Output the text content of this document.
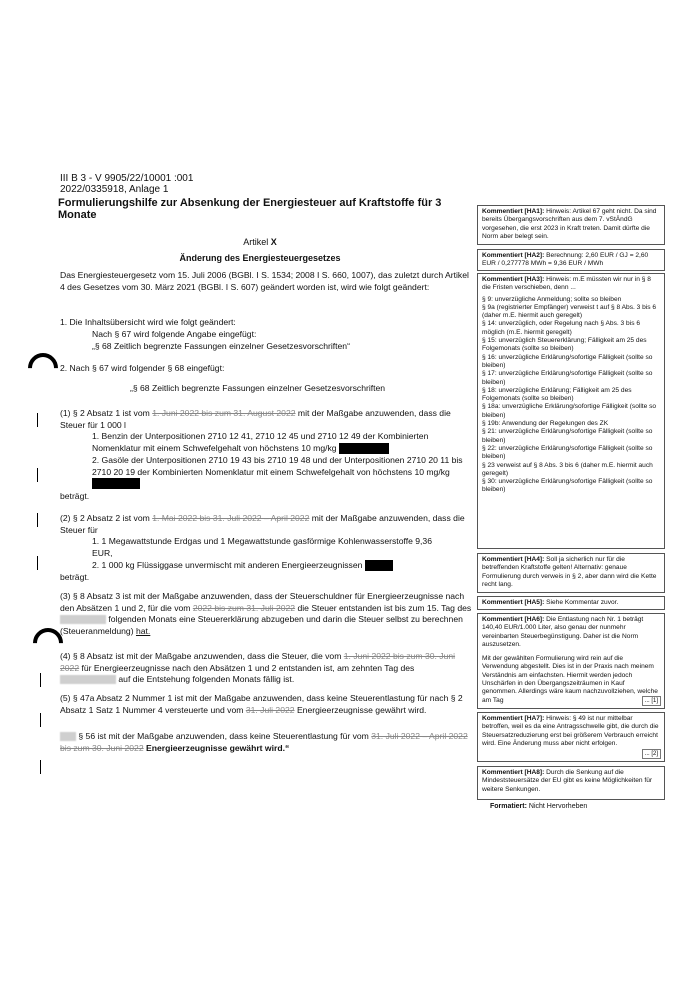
III B 3 - V 9905/22/10001 :001
2022/0335918, Anlage 1
Formulierungshilfe zur Absenkung der Energiesteuer auf Kraftstoffe für 3 Monate
Artikel X
Änderung des Energiesteuergesetzes
Das Energiesteuergesetz vom 15. Juli 2006 (BGBl. I S. 1534; 2008 I S. 660, 1007), das zuletzt durch Artikel 4 des Gesetzes vom 30. März 2021 (BGBl. I S. 607) geändert worden ist, wird wie folgt geändert:
1. Die Inhaltsübersicht wird wie folgt geändert:
Nach § 67 wird folgende Angabe eingefügt:
„§ 68 Zeitlich begrenzte Fassungen einzelner Gesetzesvorschriften“
2. Nach § 67 wird folgender § 68 eingefügt:
„§ 68 Zeitlich begrenzte Fassungen einzelner Gesetzesvorschriften
(1) § 2 Absatz 1 ist vom 1. Juni 2022 bis zum 31. August 2022 mit der Maßgabe anzuwenden, dass die Steuer für 1 000 l
1. Benzin der Unterpositionen 2710 12 41, 2710 12 45 und 2710 12 49 der Kombinierten Nomenklatur mit einem Schwefelgehalt von höchstens 10 mg/kg
2. Gasöle der Unterpositionen 2710 19 43 bis 2710 19 48 und der Unterpositionen 2710 20 11 bis 2710 20 19 der Kombinierten Nomenklatur mit einem Schwefelgehalt von höchstens 10 mg/kg
beträgt.
(2) § 2 Absatz 2 ist vom 1. Mai 2022 bis 31. Juli 2022 – April 2022 mit der Maßgabe anzuwenden, dass die Steuer für
1. 1 Megawattstunde Erdgas und 1 Megawattstunde gasförmige Kohlenwasserstoffe 9,36 EUR,
2. 1 000 kg Flüssiggase unvermischt mit anderen Energieerzeugnissen
beträgt.
(3) § 8 Absatz 3 ist mit der Maßgabe anzuwenden, dass der Steuerschuldner für Energieerzeugnisse nach den Absätzen 1 und 2, für die vom 2022 bis zum 31. Juli 2022 die Steuer entstanden ist bis zum 15. Tag des  folgenden Monats eine Steuererklärung abzugeben und darin die Steuer selbst zu berechnen (Steueranmeldung) hat.
(4) § 8 Absatz ist mit der Maßgabe anzuwenden, dass die Steuer, die vom 1. Juni 2022 bis zum 30. Juni 2022 für Energieerzeugnisse nach den Absätzen 1 und 2 entstanden ist, am zehnten Tag des  auf die Entstehung folgenden Monats fällig ist.
(5) § 47a Absatz 2 Nummer 1 ist mit der Maßgabe anzuwenden, dass keine Steuerentlastung für nach § 2 Absatz 1 Satz 1 Nummer 4 versteuerte und vom 31. Juli 2022 Energieerzeugnisse gewährt wird.
§ 56 ist mit der Maßgabe anzuwenden, dass keine Steuerentlastung für vom 31. Juli 2022 – April 2022 bis zum 30. Juni 2022 Energieerzeugnisse gewährt wird.“
Kommentiert [HA1]: Hinweis: Artikel 67 geht nicht. Da sind bereits Übergangsvorschriften aus dem 7. vStÄndG vorgesehen, die erst 2023 in Kraft treten. Damit dürfte die Norm aber belegt sein.
Kommentiert [HA2]: Berechnung: 2,60 EUR / GJ = 2,60 EUR / 0,277778 MWh = 9,36 EUR / MWh
Kommentiert [HA3]: Hinweis: m.E müssten wir nur in § 8 die Fristen verschieben, denn ...
§ 9: unverzügliche Anmeldung; sollte so bleiben
§ 9a (registrierter Empfänger) verweist t auf § 8 Abs. 3 bis 6 (daher m.E. hiermit auch geregelt)
§ 14: unverzüglich, oder Regelung nach § Abs. 3 bis 6 möglich (m.E. hiermit geregelt)
§ 15: unverzüglich Steuererklärung; Fälligkeit am 25 des Folgemonats (sollte so bleiben)
§ 16: unverzügliche Erklärung/sofortige Fälligkeit (sollte so bleiben)
§ 17: unverzügliche Erklärung/sofortige Fälligkeit (sollte so bleiben)
§ 18: unverzügliche Erklärung; Fälligkeit am 25 des Folgemonats (sollte so bleiben)
§ 18a: unverzügliche Erklärung/sofortige Fälligkeit (sollte so bleiben)
§ 19b: Anwendung der Regelungen des ZK
§ 21: unverzügliche Erklärung/sofortige Fälligkeit (sollte so bleiben)
§ 22: unverzügliche Erklärung/sofortige Fälligkeit (sollte so bleiben)
§ 23 verweist auf § 8 Abs. 3 bis 6 (daher m.E. hiermit auch geregelt)
§ 30: unverzügliche Erklärung/sofortige Fälligkeit (sollte so bleiben)
Kommentiert [HA4]: Soll ja sicherlich nur für die betreffenden Kraftstoffe gelten! Alternativ: genaue Formulierung durch verweis in § 2, aber dann wird die Kette recht lang.
Kommentiert [HA5]: Siehe Kommentar zuvor.
Kommentiert [HA6]: Die Entlastung nach Nr. 1 beträgt 140,40 EUR/1.000 Liter, also genau der nunmehr vereinbarten Steuerbegünstigung. Daher ist die Norm auszusetzen.
Mit der gewählten Formulierung wird rein auf die Verwendung abgestellt. Dies ist in der Praxis nach meinem Verständnis am einfachsten. Hiermit werden jedoch Unschärfen in den Übergangszeiträumen in Kauf genommen. Allerdings wäre kaum nachzuvollziehen, welche am Tag	... [1]
Kommentiert [HA7]: Hinweis: § 49 ist nur mittelbar betroffen, weil es da eine Antragsschwelle gibt, die durch die Steuersatzreduzierung erst bei größerem Verbrauch erreicht wird. Eine Änderung muss aber nicht erfolgen.
... [2]
Kommentiert [HA8]: Durch die Senkung auf die Mindeststeuersätze der EU gibt es keine Möglichkeiten für weitere Senkungen.
Formatiert: Nicht Hervorheben
